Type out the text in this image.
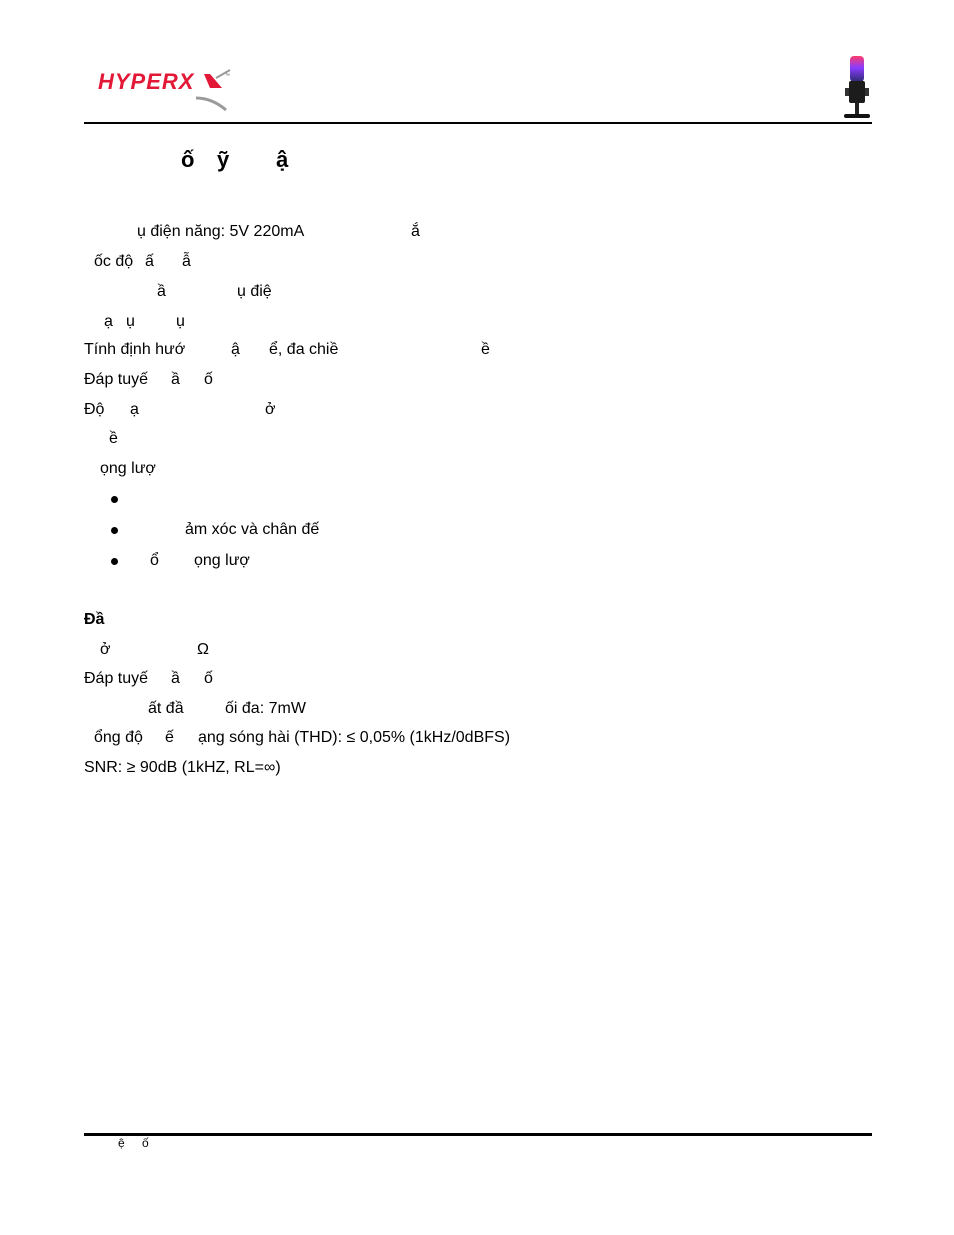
HYPERX	™
ố ỹ ậ
ụ điện năng: 5V 220mA	ắ
ốc độ ấ ẫ
ầ	ụ điệ
ạ ụ	ụ
Tính định hướ	ậ ể, đa chiề	ề
Đáp tuyế ầ ố
Độ ạ	ở
ề
ọng lượ
ảm xóc và chân đế
ổ ọng lượ
Đầ
ở	Ω
Đáp tuyế ầ ố
ất đầ	ối đa: 7mW
ổng độ ế ạng sóng hài (THD): ≤ 0,05% (1kHz/0dBFS)
SNR: ≥ 90dB (1kHZ, RL=∞)
ệ ố
